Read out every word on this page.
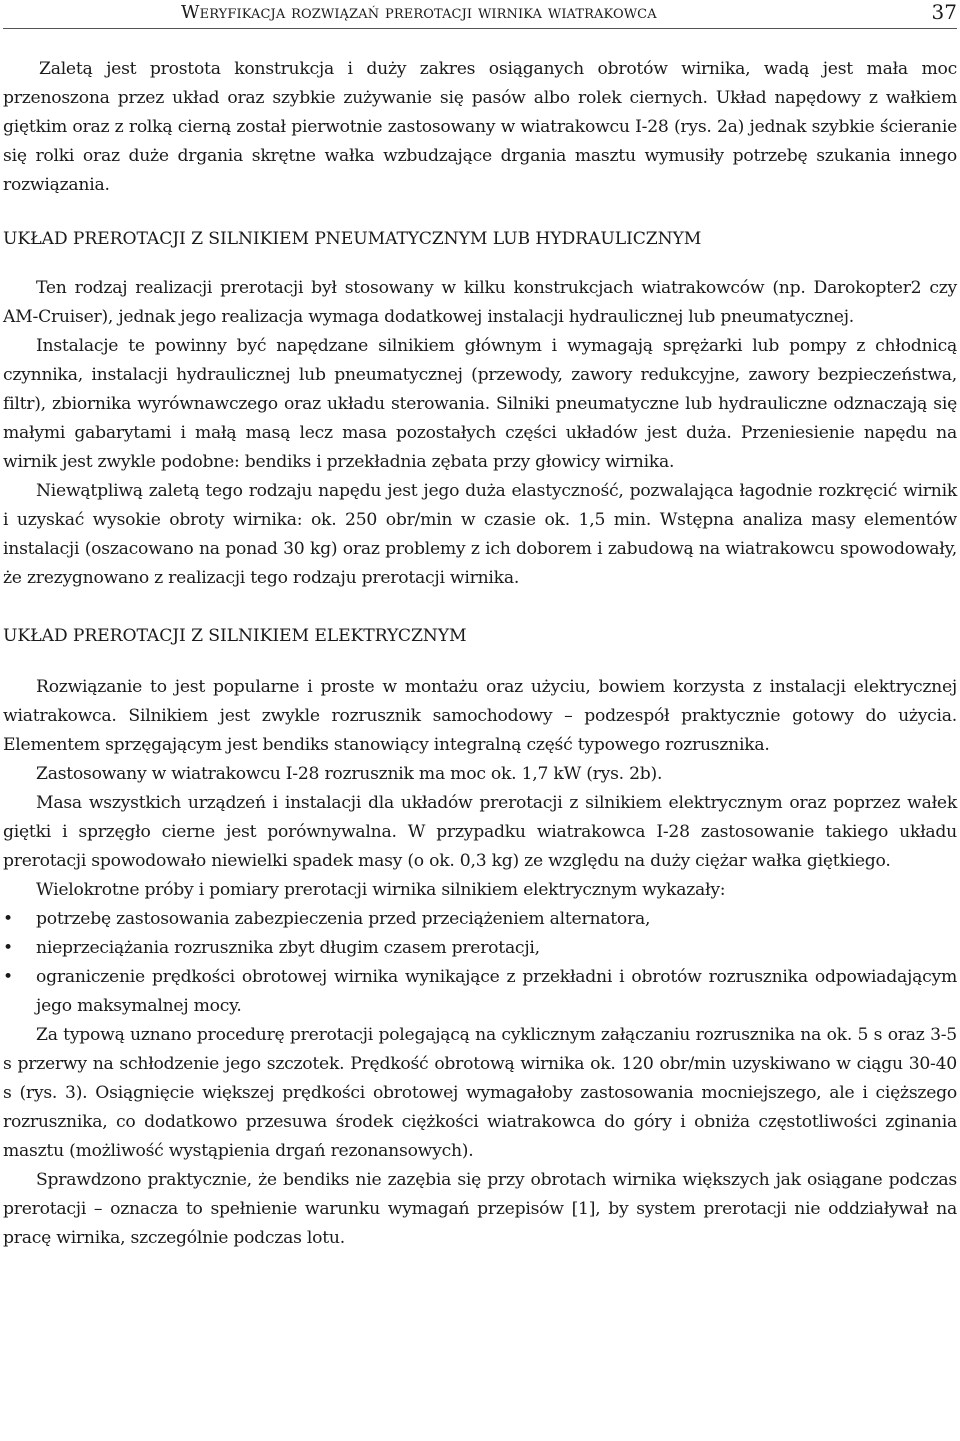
Weryfikacja rozwiązań prerotacji wirnika wiatrakowca	37

Zaletą jest prostota konstrukcja i duży zakres osiąganych obrotów wirnika, wadą jest mała moc przenoszona przez układ oraz szybkie zużywanie się pasów albo rolek ciernych. Układ napędowy z wałkiem giętkim oraz z rolką cierną został pierwotnie zastosowany w wiatrakowcu I-28 (rys. 2a) jednak szybkie ścieranie się rolki oraz duże drgania skrętne wałka wzbudzające drgania masztu wymusiły potrzebę szukania innego rozwiązania.

UKŁAD PREROTACJI Z SILNIKIEM PNEUMATYCZNYM LUB HYDRAULICZNYM

Ten rodzaj realizacji prerotacji był stosowany w kilku konstrukcjach wiatrakowców (np. Darokopter2 czy AM-Cruiser), jednak jego realizacja wymaga dodatkowej instalacji hydraulicznej lub pneumatycznej.

Instalacje te powinny być napędzane silnikiem głównym i wymagają sprężarki lub pompy z chłodnicą czynnika, instalacji hydraulicznej lub pneumatycznej (przewody, zawory redukcyjne, zawory bezpieczeństwa, filtr), zbiornika wyrównawczego oraz układu sterowania. Silniki pneumatyczne lub hydrauliczne odznaczają się małymi gabarytami i małą masą lecz masa pozostałych części układów jest duża. Przeniesienie napędu na wirnik jest zwykle podobne: bendiks i przekładnia zębata przy głowicy wirnika.

Niewątpliwą zaletą tego rodzaju napędu jest jego duża elastyczność, pozwalająca łagodnie rozkręcić wirnik i uzyskać wysokie obroty wirnika: ok. 250 obr/min w czasie ok. 1,5 min. Wstępna analiza masy elementów instalacji (oszacowano na ponad 30 kg) oraz problemy z ich doborem i zabudową na wiatrakowcu spowodowały, że zrezygnowano z realizacji tego rodzaju prerotacji wirnika.

UKŁAD PREROTACJI Z SILNIKIEM ELEKTRYCZNYM

Rozwiązanie to jest popularne i proste w montażu oraz użyciu, bowiem korzysta z instalacji elektrycznej wiatrakowca. Silnikiem jest zwykle rozrusznik samochodowy – podzespół praktycznie gotowy do użycia. Elementem sprzęgającym jest bendiks stanowiący integralną część typowego rozrusznika.

Zastosowany w wiatrakowcu I-28 rozrusznik ma moc ok. 1,7 kW (rys. 2b).

Masa wszystkich urządzeń i instalacji dla układów prerotacji z silnikiem elektrycznym oraz poprzez wałek giętki i sprzęgło cierne jest porównywalna. W przypadku wiatrakowca I-28 zastosowanie takiego układu prerotacji spowodowało niewielki spadek masy (o ok. 0,3 kg) ze względu na duży ciężar wałka giętkiego.

Wielokrotne próby i pomiary prerotacji wirnika silnikiem elektrycznym wykazały:

• potrzebę zastosowania zabezpieczenia przed przeciążeniem alternatora,
• nieprzeciążania rozrusznika zbyt długim czasem prerotacji,
• ograniczenie prędkości obrotowej wirnika wynikające z przekładni i obrotów rozrusznika odpowiadającym jego maksymalnej mocy.

Za typową uznano procedurę prerotacji polegającą na cyklicznym załączaniu rozrusznika na ok. 5 s oraz 3-5 s przerwy na schłodzenie jego szczotek. Prędkość obrotową wirnika ok. 120 obr/min uzyskiwano w ciągu 30-40 s (rys. 3). Osiągnięcie większej prędkości obrotowej wymagałoby zastosowania mocniejszego, ale i cięższego rozrusznika, co dodatkowo przesuwa środek ciężkości wiatrakowca do góry i obniża częstotliwości zginania masztu (możliwość wystąpienia drgań rezonansowych).

Sprawdzono praktycznie, że bendiks nie zazębia się przy obrotach wirnika większych jak osiągane podczas prerotacji – oznacza to spełnienie warunku wymagań przepisów [1], by system prerotacji nie oddziaływał na pracę wirnika, szczególnie podczas lotu.
